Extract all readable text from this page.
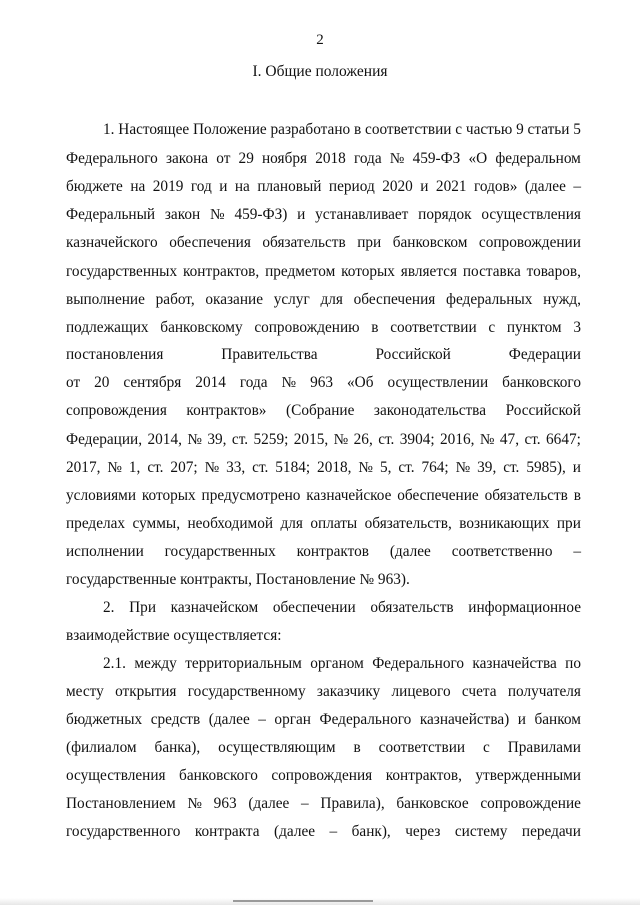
2
I. Общие положения
1. Настоящее Положение разработано в соответствии с частью 9 статьи 5
Федерального закона от 29 ноября 2018 года № 459-ФЗ «О федеральном
бюджете на 2019 год и на плановый период 2020 и 2021 годов» (далее –
Федеральный закон № 459-ФЗ) и устанавливает порядок осуществления
казначейского обеспечения обязательств при банковском сопровождении
государственных контрактов, предметом которых является поставка товаров,
выполнение работ, оказание услуг для обеспечения федеральных нужд,
подлежащих банковскому сопровождению в соответствии с пунктом 3
постановления	Правительства	Российской	Федерации
от 20 сентября 2014 года № 963 «Об осуществлении банковского
сопровождения контрактов» (Собрание законодательства Российской
Федерации, 2014, № 39, ст. 5259; 2015, № 26, ст. 3904; 2016, № 47, ст. 6647;
2017, № 1, ст. 207; № 33, ст. 5184; 2018, № 5, ст. 764; № 39, ст. 5985), и
условиями которых предусмотрено казначейское обеспечение обязательств в
пределах суммы, необходимой для оплаты обязательств, возникающих при
исполнении государственных контрактов (далее соответственно –
государственные контракты, Постановление № 963).
2. При казначейском обеспечении обязательств информационное
взаимодействие осуществляется:
2.1. между территориальным органом Федерального казначейства по
месту открытия государственному заказчику лицевого счета получателя
бюджетных средств (далее – орган Федерального казначейства) и банком
(филиалом банка), осуществляющим в соответствии с Правилами
осуществления банковского сопровождения контрактов, утвержденными
Постановлением № 963 (далее – Правила), банковское сопровождение
государственного контракта (далее – банк), через систему передачи
